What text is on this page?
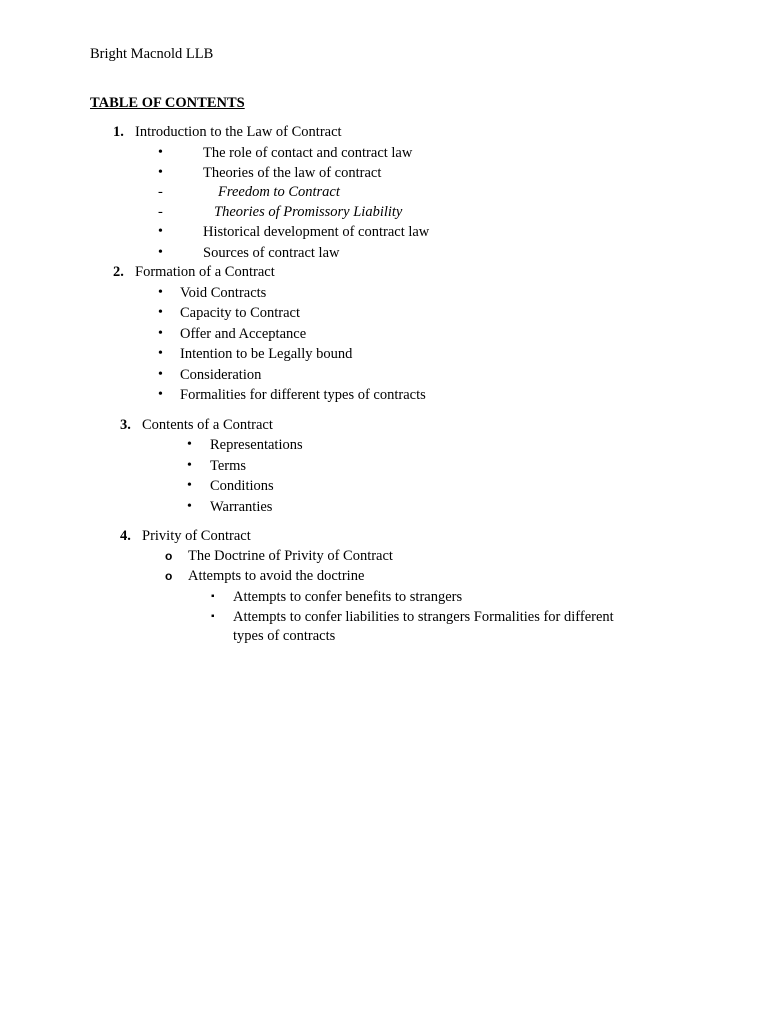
Bright Macnold LLB
TABLE OF CONTENTS
1. Introduction to the Law of Contract
•	The role of contact and contract law
•	Theories of the law of contract
-	Freedom to Contract
-	Theories of Promissory Liability
•	Historical development of contract law
•	Sources of contract law
2. Formation of a Contract
• Void Contracts
• Capacity to Contract
• Offer and Acceptance
• Intention to be Legally bound
• Consideration
• Formalities for different types of contracts
3. Contents of a Contract
• Representations
• Terms
• Conditions
• Warranties
4. Privity of Contract
o The Doctrine of Privity of Contract
o Attempts to avoid the doctrine
▪ Attempts to confer benefits to strangers
▪ Attempts to confer liabilities to strangers Formalities for different
types of contracts
